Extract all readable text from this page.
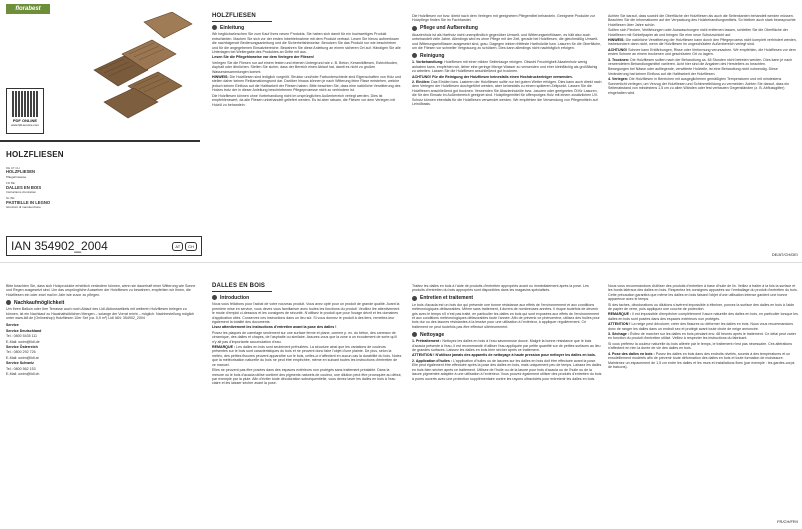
florabest
PDF ONLINE
www.lidl-service.com
HOLZFLIESEN
DE AT CH
HOLZFLIESEN
Pflegehinweise
FR BE
DALLES EN BOIS
Instructions d'entretien
NL BE
PASTIELLE IN LEGNO
Istruzioni di manutenzione
IAN 354902_2004	AT	CH
HOLZFLIESEN
Einleitung

Wir beglückwünschen Sie zum Kauf Ihres neuen Produkts. Sie haben sich damit für ein hochwertiges Produkt entschieden. Machen Sie sich vor der ersten Inbetriebnahme mit dem Produkt vertraut. Lesen Sie hierzu aufmerksam die nachfolgende Bedienungsanleitung und die Sicherheitshinweise. Benutzen Sie das Produkt nur wie beschrieben und für die angegebenen Einsatzbereiche. Bewahren Sie diese Anleitung an einem sicheren Ort auf. Händigen Sie alle Unterlagen bei Weitergabe des Produktes an Dritte mit aus.

Lesen Sie die Pflegehinweise vor dem Verlegen der Fliesen!

Verlegen Sie die Fliesen nur auf einem festen und ebenen Untergrund wie z. B. Beton, Keramikfliesen, Estrichboden, Asphalt oder ähnlichen. Stellen Sie sicher, dass der Bereich einen Ablauf hat, damit es nicht zu großen Wasseransammlungen kommt.

HINWEIS: Die Holzfliesen sind lediglich vorgeölt. Struktur und/oder Farbunterschiede sind Eigenschaften von Holz und stellen daher keinen Reklamationsgrund dar. Darüber hinaus können je nach Witterung feine Risse entstehen, welche jedoch keinen Einfluss auf die Haltbarkeit der Fliesen haben. Bitte beachten Sie, dass eine natürliche Verwitterung des Holzes trotz der in dieser Anleitung beschriebenen Pflegeprozesse nicht zu verhindern ist.

Die Holzfliesen können ohne Vorbehandlung nicht im ursprünglichen Außenbereich verlegt werden. Dies ist empfehlenswert, da alle Fliesen unbehandelt geliefert werden. Es ist aber ratsam, die Fliesen vor dem Verlegen mit Holzöl zu behandeln.

Die Holzfliesen vor bzw. direkt nach dem Verlegen mit geeignetem Pflegemittel behandeln. Geeignete Produkte zur Holzpflege finden Sie im Fachhandel.

Pflege und Aufbereitung

Akazienholz ist als Hartholz nicht unempfindlich gegenüber Umwelt- und Witterungseinflüssen, es hält also auch unbehandelt viele Jahre. Allerdings wird es ohne Pflege mit der Zeit, gerade bei Holzfliesen, die gleichmäßig Umwelt- und Witterungseinflüssen ausgesetzt sind, grau. Dagegen wirken frittfeste Hartholzöle bzw. Lasuren für die Oberfläche, um die Fliesen vor schneller Vergrauung zu schützen. Dies kann allerdings nicht nachträglich erfolgen.

Reinigung

1. Vorbehandlung: Holzfliesen mit einer milden Seifenlauge reinigen. Obwohl Feuchtigkeit Akazienholz wenig anhaben kann, empfehlen wir, lieber eine geringe Menge Wasser zu verwenden und eher kleinflächig als großflächig zu arbeiten. Lassen Sie die Holzfliesen anschließend gut trocknen.

ACHTUNG! Für die Reinigung der Holzfliesen keinesfalls einen Hochdruckreiniger verwenden.

2. Einölen: Das Einölen bzw. Lasieren der Holzfliesen sollte nur bei gutem Wetter erfolgen. Dies kann auch direkt nach dem Verlegen der Holzfliesen durchgeführt werden, aber keinesfalls zu einem späteren Zeitpunkt. Lassen Sie die Holzfliesen anschließend gut trocknen. Verwenden Sie Akazienholzöle bzw. -lasuren oder geeignetes Öl für Lasuren, die für den Einsatz im Außenbereich geeignet sind. Holzpflegemittel für offenporiges Holz mit einem zusätzlichen UV-Schutz können ebenfalls für die Holzfliesen verwendet werden. Wir empfehlen die Verwendung von Pflegemitteln auf Leinölbasis.

Achten Sie darauf, dass sowohl die Oberfläche der Holzfliesen als auch die Seitenkanten behandelt werden müssen. Beachten Sie die Informationen auf der Verpackung des Holzbehandlungsmittels. So bleiben auch stark beanspruchte Holzfliesen über Jahre schön.

Sollten sich Flecken, Verfärbungen oder Auswaschungen nicht entfernen lassen, schleifen Sie die Oberfläche der Holzfliesen mit Schleifpapier ab und bringen Sie eine neue Schutzschicht auf.

HINWEIS: Die natürliche Verwitterung der Holzfliesen kann durch den Pflegeprozess nicht komplett verhindert werden, insbesondere dann nicht, wenn die Holzfliesen im ungeschützten Außenbereich verlegt sind.

ACHTUNG! Schnee kann Entfärbungen, Risse oder Verformung verursachen. Wir empfehlen, die Holzfliesen vor dem ersten Schnee an einem trockenen und geschützten Ort zu lagern.

3. Trocknen: Die Holzfliesen sollten nach der Behandlung ca. 48 Stunden nicht betreten werden. Dies kann je nach verwendetem Behandlungsmittel variieren. Acht hier sind die Angaben des Herstellers zu beachten.

Bewegungen bei Nässe oder aufliegende, verwitterte Holzteile, ist eine Behandlung nicht notwendig. Diese Veränderung hat keinen Einfluss auf die Haltbarkeit der Holzfliesen.

4. Verlegen: Die Holzfliesen in Bereichen mit ausgeglichenen gemäßigten Temperaturen und mit mindestens Sonnenlicht verlegen, um Verzug der Holzfliesen und Schimmelbildung zu vermeiden. Achten Sie darauf, dass ein Seitenabstand von mindestens 1,5 cm zu allen Wänden oder fest verbauten Gegenständen (z. B. Abflussgitter) eingehalten wird.

DE/AT/CH/DE/

Bitte beachten Sie, dass sich Holzprodukte erheblich verändern können, wenn sie dauerhaft einer Witterung wie Sonne und Regen ausgesetzt sind. Um das ursprüngliche Aussehen der Holzfliesen zu bewahren, empfehlen wir Ihnen, die Holzfliesen ein oder zwei mal im Jahr wie zuvor zu pflegen.

Nachkaufmöglichkeit

Um Ihren Balkon oder Ihre Terrasse auch noch Ablauf des Lidl-Aktionsartikels mit weiteren Holzfliesen belegen zu können, ist ein Nachkauf zu Haushaltsüblichen Mengen – solange der Vorrat reicht – möglich. Nachbestellung möglich unter www.lidl.de (Onlineshop) Holzfliesen 10er Set (ca. 0,9 m²) Lidl IAN: 354902_2004

Service

Service Deutschland

Tel.: 0800 5435 111

E-Mail: owim@lidl.de

Service Österreich

Tel.: 0800 292 726

E-Mail: owim@lidl.at

Service Schweiz

Tel.: 0800 562 153

E-Mail: owim@lidl.ch

DALLES EN BOIS
Introduction

Nous vous félicitons pour l'achat de votre nouveau produit. Vous avez opté pour un produit de grande qualité. Avant la première mise en service, vous devez vous familiariser avec toutes les fonctions du produit. Veuillez lire attentivement le mode d'emploi ci-dessous et les consignes de sécurité. N'utilisez le produit que pour l'usage décrit et les domaines d'application cités. Conservez ces instructions dans un lieu sûr. Si vous donnez le produit à des tiers, remettez-leur également la totalité des documents.

Lisez attentivement les instructions d'entretien avant la pose des dalles !

Posez les plaques de carrelage seulement sur une surface ferme et plane, comme p. ex. du béton, des carreaux de céramique, des dalles et chapes, de l'asphalte ou similaire. Assurez-vous que la zone a un écoulement de sorte qu'il n'y ait pas d'importante accumulation d'eau.

REMARQUE : Les dalles en bois sont seulement préhuilées. La structure ainsi que les variations de couleurs présentes sur le bois sont caractéristiques du bois et ne peuvent donc faire l'objet d'une plainte. De plus, selon la météo, des petites fissures peuvent apparaître sur le bois, celles-ci n'affectent en aucun cas la durabilité du bois. Notez que la météorisation naturelle du bois ne peut être empêchée, même en suivant toutes les instructions d'entretien de ce manuel.

Elles ne peuvent pas être posées dans des espaces extérieurs non protégés sans traitement préalable. Dans la mesure où le bois d'acacia utilisé contient des pigments naturels de couleur, une dilution peut être provoquée au début, par exemple par la pluie. Afin d'éviter toute décoloration subséquentielle, vous devez laver les dalles en bois à l'eau claire et les laisser sécher avant la pose.

Traitez les dalles en bois à l'aide de produits d'entretien appropriés avant ou immédiatement après la pose. Les produits d'entretien du bois appropriés sont disponibles dans les magasins spécialisés.

Entretien et traitement

Le bois d'acacia est un bois dur qui présente une bonne résistance aux effets de l'environnement et aux conditions météorologiques défavorables. Même sans traitement, il durera de nombreuses années. Il risque toutefois de devenir gris avec le temps s'il n'est pas traité, en particulier les dalles en bois qui sont exposées aux effets de l'environnement et aux conditions météorologiques défavorables toute l'année. Afin de prévenir ce phénomène, utilisez des huiles pour bois dur ou des lasures résistantes à la lessive pour une utilisation à l'extérieur, à appliquer régulièrement. Ce traitement ne peut toutefois pas être effectué ultérieurement.

Nettoyage

1. Prétraitement : Nettoyez les dalles en bois à l'eau savonneuse douce. Malgré la bonne résistance que le bois d'acacia présente à l'eau, il est recommandé d'utiliser l'eau appliquée par petite quantité sur de petites surfaces au lieu de grandes surfaces. Laissez les dalles en bois bien sécher après ce traitement.

ATTENTION ! N'utilisez jamais des appareils de nettoyage à haute pression pour nettoyer les dalles en bois.

2. Application d'huiles : L'application d'huiles ou de lasures sur les dalles en bois doit être effectuée avant la pose. Elle peut également être effectuée après la pose des dalles en bois, mais uniquement peu de temps. Laissez les dalles en bois bien sécher après ce traitement. Utilisez de l'huile ou de la lasure pour bois d'acacia ou de l'huile ou de la lasure pigmentée adaptée à une utilisation à l'extérieur. Vous pouvez également utiliser des produits d'entretien du bois à pores ouverts avec une protection supplémentaire contre les rayons ultraviolets pour entretenir les dalles en bois.

Nous vous recommandons d'utiliser des produits d'entretien à base d'huile de lin. Veillez à traiter à la fois la surface et les bords latéraux des dalles en bois. Respectez les consignes apposées sur l'emballage du produit d'entretien du bois. Cette précaution garantira que même les dalles en bois faisant l'objet d'une utilisation intense gardent une bonne apparence avec le temps.

Si des taches, décolorations ou dilutions s'avèrent impossible à éliminer, poncez la surface des dalles en bois à l'aide de papier de verre, puis appliquez une couche de protection.

REMARQUE : Il est impossible d'empêcher complètement l'usure naturelle des dalles en bois, en particulier lorsque les dalles en bois sont posées dans des espaces extérieurs non protégés.

ATTENTION ! La neige peut décolorer, créer des fissures ou déformer les dalles en bois. Nous vous recommandons donc de ranger les dalles dans un endroit sec et protégé avant toute chute de neige annoncée.

3. Séchage : Évitez de marcher sur les dalles en bois pendant env. 48 heures après le traitement. Ce délai peut varier en fonction du produit d'entretien utilisé. Veillez à respecter les instructions du fabricant.

Si vous préférez la couleur naturelle du bois altérée par le temps, le traitement n'est pas nécessaire. Ces altérations n'affectent en rien la durée de vie des dalles en bois.

4. Pose des dalles en bois : Posez les dalles en bois dans des endroits nivelés, soumis à des températures et un ensoleillement modérés afin de prévenir toute déformation des dalles en bois et toute formation de moisissure. Maintenez un espacement de 1,5 cm entre les dalles et les murs et installations fixes (par exemple : les gardes-corps de balcons).

FR/CH/FR/I
